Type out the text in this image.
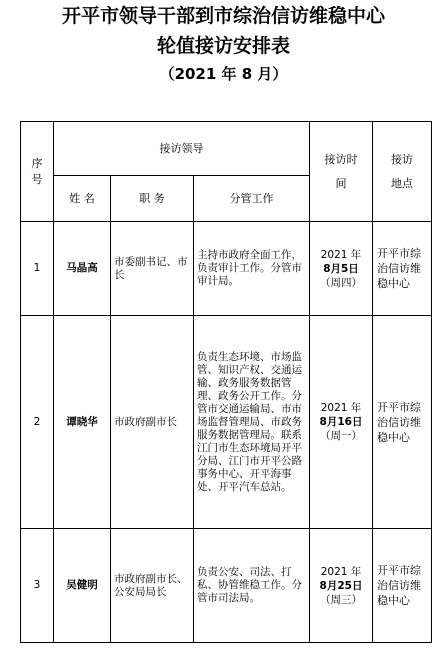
开平市领导干部到市综治信访维稳中心
轮值接访安排表
（2021 年 8 月）
序号	接访领导			接访时间	接访地点
	姓 名	职 务	分管工作		
1	马晶高	市委副书记、市长	主持市政府全面工作，负责审计工作。分管市审计局。	2021 年
8月5日
（周四）	开平市综治信访维稳中心
2	谭晓华	市政府副市长	负责生态环境、市场监管、知识产权、交通运输、政务服务数据管理、政务公开工作。分管市交通运输局、市市场监督管理局、市政务服务数据管理局。联系江门市生态环境局开平分局、江门市开平公路事务中心、开平海事处、开平汽车总站。	2021 年
8月16日
（周一）	开平市综治信访维稳中心
3	吴健明	市政府副市长、公安局局长	负责公安、司法、打私、协管维稳工作。分管市司法局。	2021 年
8月25日
（周三）	开平市综治信访维稳中心
